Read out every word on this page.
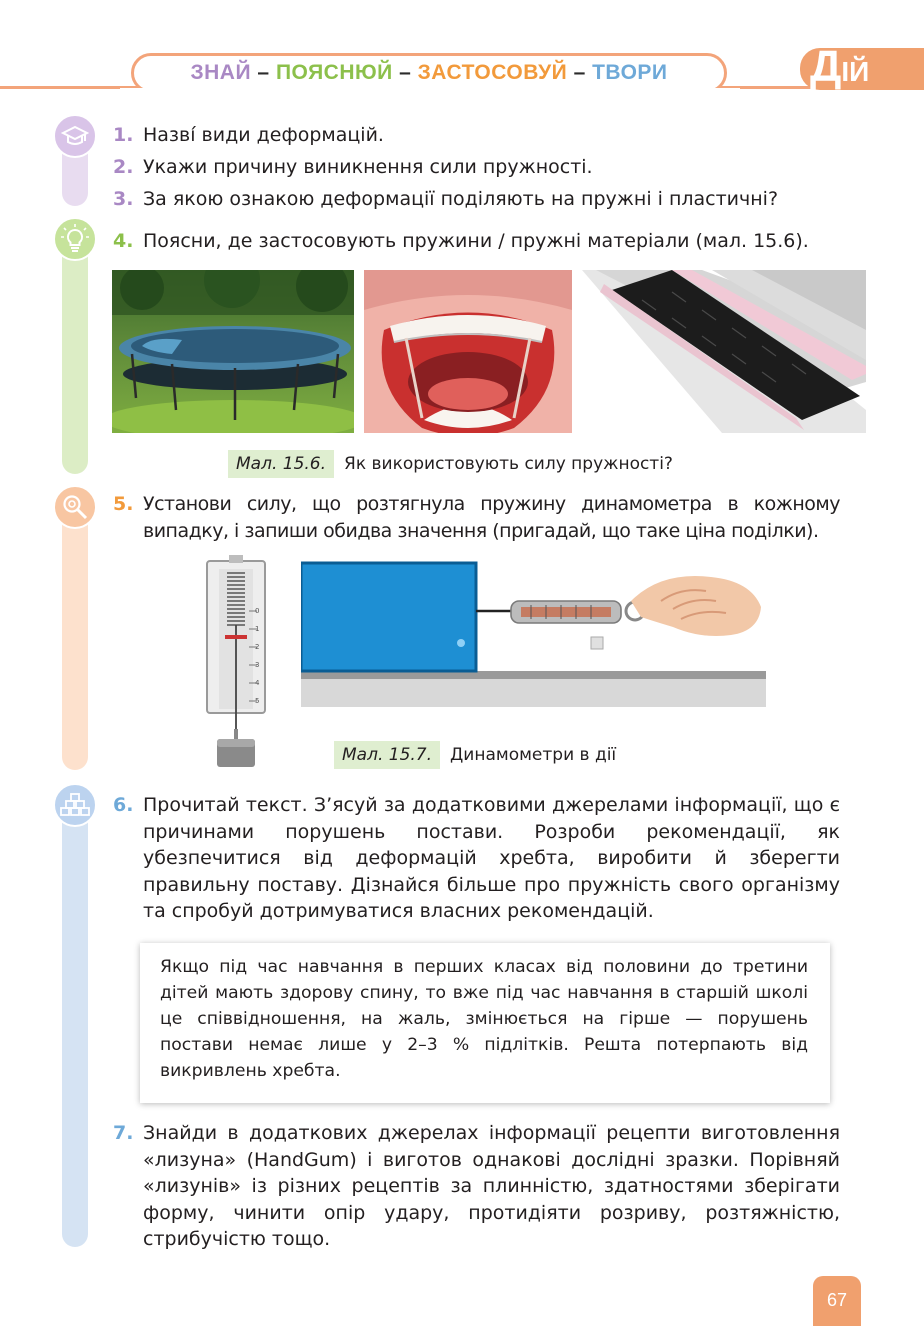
ЗНАЙ – ПОЯСНЮЙ – ЗАСТОСОВУЙ – ТВОРИ	ДІЙ
1. Назві́ види деформацій.
2. Укажи причину виникнення сили пружності.
3. За якою ознакою деформації поділяють на пружні і пластичні?
4. Поясни, де застосовують пружини / пружні матеріали (мал. 15.6).
Мал. 15.6. Як використовують силу пружності?
5. Установи силу, що розтягнула пружину динамометра в кожному випадку, і запиши обидва значення (пригадай, що таке ціна поділки).
0
1
2
3
4
5
Мал. 15.7. Динамометри в дії
6. Прочитай текст. З’ясуй за додатковими джерелами інформації, що є причинами порушень постави. Розроби рекомендації, як убезпечитися від деформацій хребта, виробити й зберегти правильну поставу. Дізнайся більше про пружність свого організму та спробуй дотримуватися власних рекомендацій.

Якщо під час навчання в перших класах від половини до третини дітей мають здорову спину, то вже під час навчання в старшій школі це співвідношення, на жаль, змінюється на гірше — порушень постави немає лише у 2–3 % підлітків. Решта потерпають від викривлень хребта.

7. Знайди в додаткових джерелах інформації рецепти виготовлення «лизуна» (HandGum) і виготов однакові дослідні зразки. Порівняй «лизунів» із різних рецептів за плинністю, здатностями зберігати форму, чинити опір удару, протидіяти розриву, розтяжністю, стрибучістю тощо.
67
